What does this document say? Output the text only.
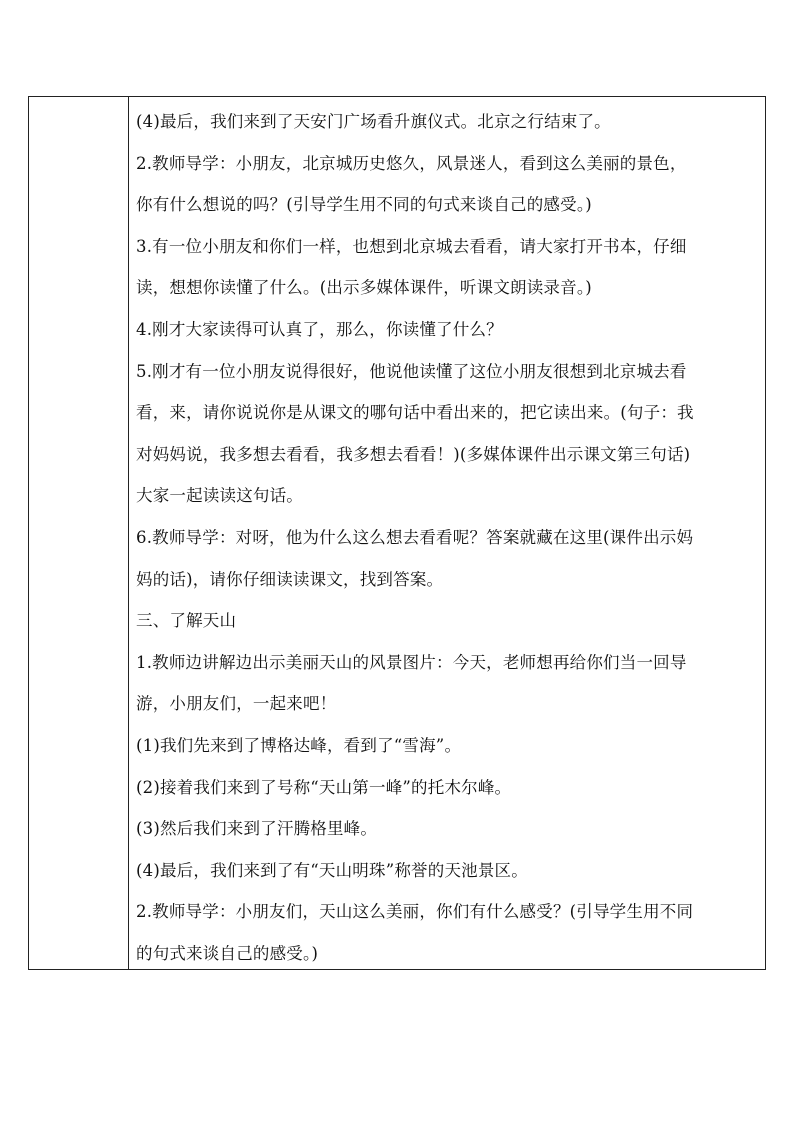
(4)最后，我们来到了天安门广场看升旗仪式。北京之行结束了。
2.教师导学：小朋友，北京城历史悠久，风景迷人，看到这么美丽的景色，
你有什么想说的吗？(引导学生用不同的句式来谈自己的感受。)
3.有一位小朋友和你们一样，也想到北京城去看看，请大家打开书本，仔细
读，想想你读懂了什么。(出示多媒体课件，听课文朗读录音。)
4.刚才大家读得可认真了，那么，你读懂了什么？
5.刚才有一位小朋友说得很好，他说他读懂了这位小朋友很想到北京城去看
看，来，请你说说你是从课文的哪句话中看出来的，把它读出来。(句子：我
对妈妈说，我多想去看看，我多想去看看！)(多媒体课件出示课文第三句话)
大家一起读读这句话。
6.教师导学：对呀，他为什么这么想去看看呢？答案就藏在这里(课件出示妈
妈的话)，请你仔细读读课文，找到答案。
三、了解天山
1.教师边讲解边出示美丽天山的风景图片：今天，老师想再给你们当一回导
游，小朋友们，一起来吧！
(1)我们先来到了博格达峰，看到了“雪海”。
(2)接着我们来到了号称“天山第一峰”的托木尔峰。
(3)然后我们来到了汗腾格里峰。
(4)最后，我们来到了有“天山明珠”称誉的天池景区。
2.教师导学：小朋友们，天山这么美丽，你们有什么感受？(引导学生用不同
的句式来谈自己的感受。)
